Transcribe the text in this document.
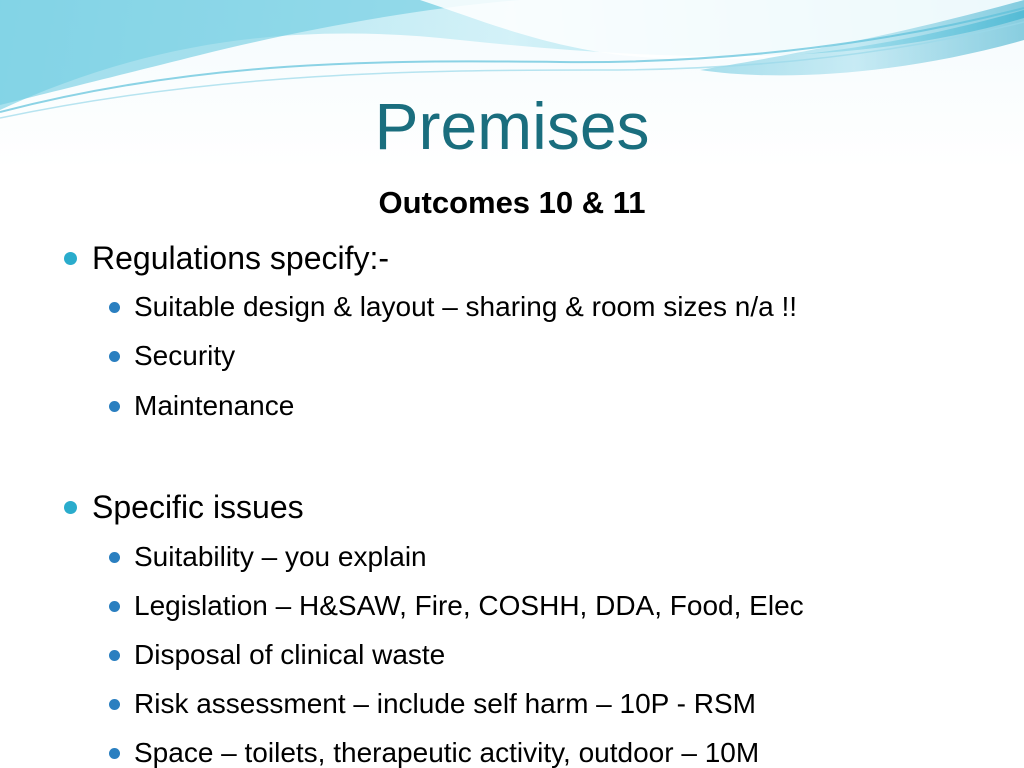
Premises
Outcomes 10 & 11
Regulations specify:-
Suitable design & layout – sharing & room sizes n/a !!
Security
Maintenance
Specific issues
Suitability – you explain
Legislation – H&SAW, Fire, COSHH, DDA, Food, Elec
Disposal of clinical waste
Risk assessment – include self harm – 10P - RSM
Space – toilets, therapeutic activity, outdoor – 10M
